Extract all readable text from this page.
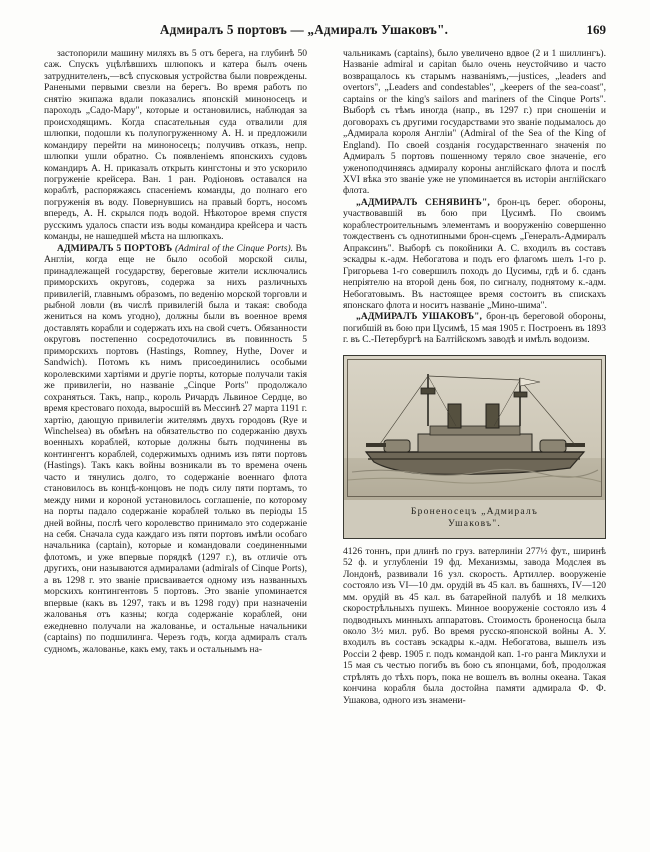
Адмиралъ 5 портовъ — „Адмиралъ Ушаковъ".	169

застопорили машину миляхъ въ 5 отъ берега, на глубинѣ 50 саж. Спускъ уцѣлѣвшихъ шлюпокъ и катера былъ очень затруднителенъ,—всѣ спусковыя устройства были повреждены. Ранеными первыми свезли на берегъ. Во время работъ по снятію экипажа вдали показались японскій миноносецъ и пароходъ „Садо-Мару", которые и остановились, наблюдая за происходящимъ. Когда спасательныя суда отвалили для шлюпки, подошли къ полупогруженному А. Н. и предложили командиру перейти на миноносецъ; получивъ отказъ, непр. шлюпки ушли обратно. Съ появленіемъ японскихъ судовъ командиръ А. Н. приказалъ открыть кингстоны и это ускорило погруженіе крейсера. Ван. 1 ран. Родіоновъ оставался на кораблѣ, распоряжаясь спасеніемъ команды, до полнаго его погруженія въ воду. Повернувшись на правый бортъ, носомъ впередъ, А. Н. скрылся подъ водой. Нѣкоторое время спустя русскимъ удалось спасти изъ воды командира крейсера и часть команды, не нашедшей мѣста на шлюпкахъ.

АДМИРАЛЪ 5 ПОРТОВЪ (Admiral of the Cinque Ports). Въ Англіи, когда еще не было особой морской силы, принадлежащей государству, береговые жители исключались приморскихъ округовъ, содержа за нихъ различныхъ привилегій, главнымъ образомъ, по веденію морской торговли и рыбной ловли (въ числѣ привилегій была и такая: свобода жениться на комъ угодно), должны были въ военное время доставлять корабли и содержать ихъ на свой счетъ. Обязанности округовъ постепенно сосредоточились въ повинность 5 приморскихъ портовъ (Hastings, Romney, Hythe, Dover и Sandwich). Потомъ къ нимъ присоединились особыми королевскими хартіями и другіе порты, которые получали такія же привилегіи, но названіе „Cinque Ports" продолжало сохраняться. Такъ, напр., король Ричардъ Львиное Сердце, во время крестоваго похода, выросшій въ Мессинѣ 27 марта 1191 г. хартію, дающую привилегіи жителямъ двухъ городовъ (Rye и Winchelsea) въ обмѣнъ на обязательство по содержанію двухъ военныхъ кораблей, которые должны быть подчинены въ контингентъ кораблей, содержимыхъ однимъ изъ пяти портовъ (Hastings). Такъ какъ войны возникали въ то времена очень часто и тянулись долго, то содержаніе военнаго флота становилось въ концѣ-концовъ не подъ силу пяти портамъ, то между ними и короной установилось соглашеніе, по которому на порты падало содержаніе кораблей только въ періоды 15 дней войны, послѣ чего королевство принимало это содержаніе на себя. Сначала суда каждаго изъ пяти портовъ имѣли особаго начальника (captain), которые и командовали соединенными флотомъ, и уже впервые порядкѣ (1297 г.), въ отличіе отъ другихъ, они называются адмиралами (admirals of Cinque Ports), а въ 1298 г. это званіе присваивается одному изъ названныхъ морскихъ контингентовъ 5 портовъ. Это званіе упоминается впервые (какъ въ 1297, такъ и въ 1298 году) при назначеніи жалованья отъ казны; когда содержаніе кораблей, они ежедневно получали на жалованье, и остальные начальники (captains) по подшилинга. Черезъ годъ, когда адмиралъ сталъ судномъ, жалованье, какъ ему, такъ и остальнымъ на-

чальникамъ (captains), было увеличено вдвое (2 и 1 шиллингъ). Названіе admiral и capitan было очень неустойчиво и часто возвращалось къ старымъ названіямъ,—justices, „leaders and overtors", „Leaders and condestables", „keepers of the sea-coast", captains or the king's sailors and mariners of the Cinque Ports". Выборѣ съ тѣмъ иногда (напр., въ 1297 г.) при сношеніи и договорахъ съ другими государствами это званіе подымалось до „Адмирала короля Англіи" (Admiral of the Sea of the King of England). По своей созданія государственнаго значенія по Адмиралъ 5 портовъ пошенному теряло свое значеніе, его уженоподчиняясь адмиралу короны англійскаго флота и послѣ XVI вѣка это званіе уже не упоминается въ исторіи англійскаго флота.

„АДМИРАЛЪ СЕНЯВИНЪ", брон-цъ берег. обороны, участвовавшій въ бою при Цусимѣ. По своимъ кораблестроительнымъ элементамъ и вооруженію совершенно тождественъ съ однотипными брон-сцемъ „Генералъ-Адмиралъ Апраксинъ". Выборѣ съ покойники А. С. входилъ въ составъ эскадры к.-адм. Небогатова и подъ его флагомъ шелъ 1-го р. Григорьева 1-го совершилъ походъ до Цусимы, гдѣ и б. сданъ непріятелю на второй день боя, по сигналу, поднятому к.-адм. Небогатовымъ. Въ настоящее время состоитъ въ спискахъ японскаго флота и носитъ названіе „Мино-шима".

„АДМИРАЛЪ УШАКОВЪ", брон-цъ береговой обороны, погибшій въ бою при Цусимѣ, 15 мая 1905 г. Построенъ въ 1893 г. въ С.-Петербургѣ на Балтійскомъ заводѣ и имѣлъ водоизм.

Броненосецъ „Адмиралъ
Ушаковъ".

4126 тоннъ, при длинѣ по груз. ватерлиніи 277½ фут., ширинѣ 52 ф. и углубленіи 19 фд. Механизмы, завода Модслея въ Лондонѣ, развивали 16 узл. скорость. Артиллер. вооруженіе состояло изъ VI—10 дм. орудій въ 45 кал. въ башняхъ, IV—120 мм. орудій въ 45 кал. въ батарейной палубѣ и 18 мелкихъ скорострѣльныхъ пушекъ. Минное вооруженіе состояло изъ 4 подводныхъ минныхъ аппаратовъ. Стоимость броненосца была около 3½ мил. руб. Во время русско-японской войны А. У. входилъ въ составъ эскадры к.-адм. Небогатова, вышелъ изъ Россіи 2 февр. 1905 г. подъ командой кап. 1-го ранга Миклухи и 15 мая съ честью погибъ въ бою съ японцами, боѣ, продолжая стрѣлять до тѣхъ поръ, пока не вошелъ въ волны океана. Такая кончина корабля была достойна памяти адмирала Ф. Ф. Ушакова, одного изъ знамени-
